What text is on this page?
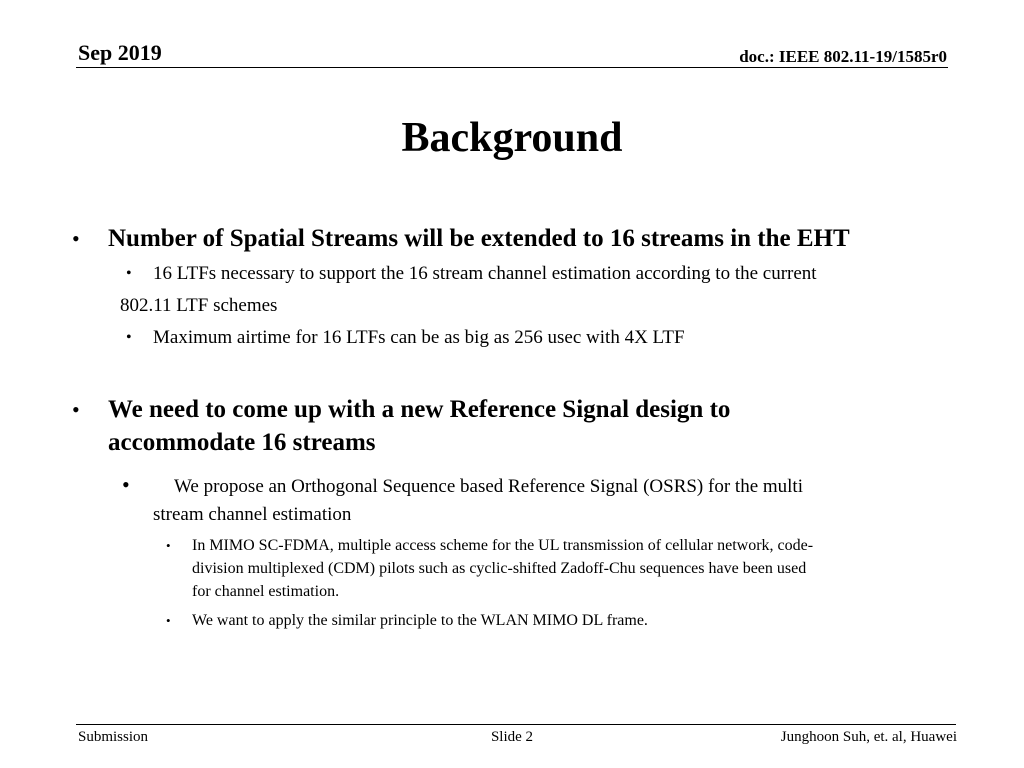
Sep 2019	doc.: IEEE 802.11-19/1585r0
Background
• Number of Spatial Streams will be extended to 16 streams in the EHT
• 16 LTFs necessary to support the 16 stream channel estimation according to the current
802.11 LTF schemes
• Maximum airtime for 16 LTFs can be as big as 256 usec with 4X LTF
• We need to come up with a new Reference Signal design to
accommodate 16 streams
• We propose an Orthogonal Sequence based Reference Signal (OSRS) for the multi
stream channel estimation
• In MIMO SC-FDMA, multiple access scheme for the UL transmission of cellular network, code-
division multiplexed (CDM) pilots such as cyclic-shifted Zadoff-Chu sequences have been used
for channel estimation.
• We want to apply the similar principle to the WLAN MIMO DL frame.
Submission	Slide 2	Junghoon Suh, et. al, Huawei
